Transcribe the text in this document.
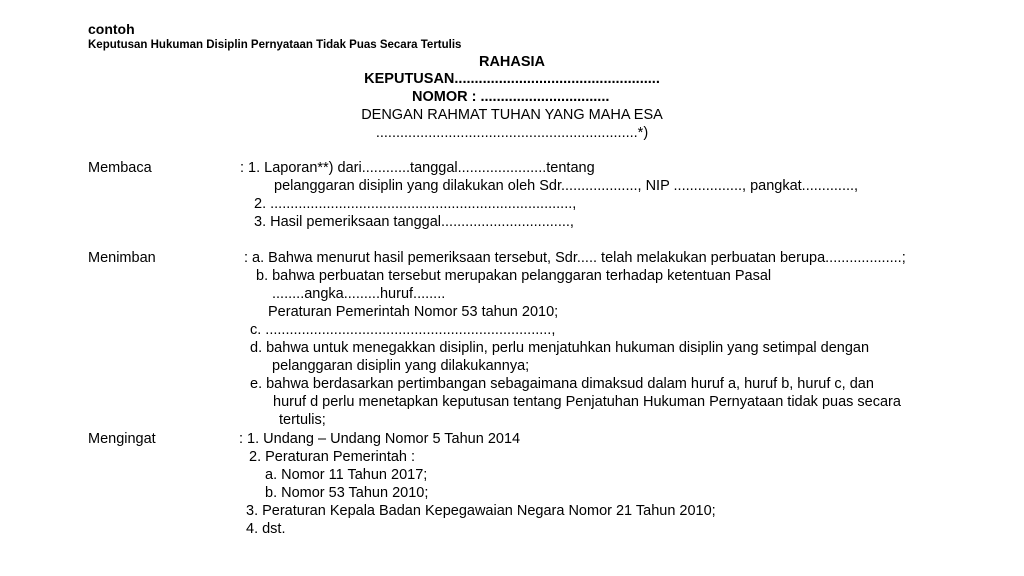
contoh
Keputusan Hukuman Disiplin Pernyataan Tidak Puas Secara Tertulis
RAHASIA
KEPUTUSAN...................................................
NOMOR : ................................
DENGAN RAHMAT TUHAN YANG MAHA ESA
.................................................................*)
Membaca	: 1. Laporan**) dari............tanggal......................tentang
pelanggaran disiplin yang dilakukan oleh Sdr..................., NIP ................., pangkat.............,
2. ...........................................................................,
3. Hasil pemeriksaan tanggal................................,
Menimban	: a. Bahwa menurut hasil pemeriksaan tersebut, Sdr..... telah melakukan perbuatan berupa...................;
b. bahwa perbuatan tersebut merupakan pelanggaran terhadap ketentuan Pasal
........angka.........huruf........
Peraturan Pemerintah Nomor 53 tahun 2010;
c. .......................................................................,
d. bahwa untuk menegakkan disiplin, perlu menjatuhkan hukuman disiplin yang setimpal dengan
pelanggaran disiplin yang dilakukannya;
e. bahwa berdasarkan pertimbangan sebagaimana dimaksud dalam huruf a, huruf b, huruf c, dan
huruf d perlu menetapkan keputusan tentang Penjatuhan Hukuman Pernyataan tidak puas secara
tertulis;
Mengingat	: 1. Undang – Undang Nomor 5 Tahun 2014
2. Peraturan Pemerintah :
a. Nomor 11 Tahun 2017;
b. Nomor 53 Tahun 2010;
3. Peraturan Kepala Badan Kepegawaian Negara Nomor 21 Tahun 2010;
4. dst.
